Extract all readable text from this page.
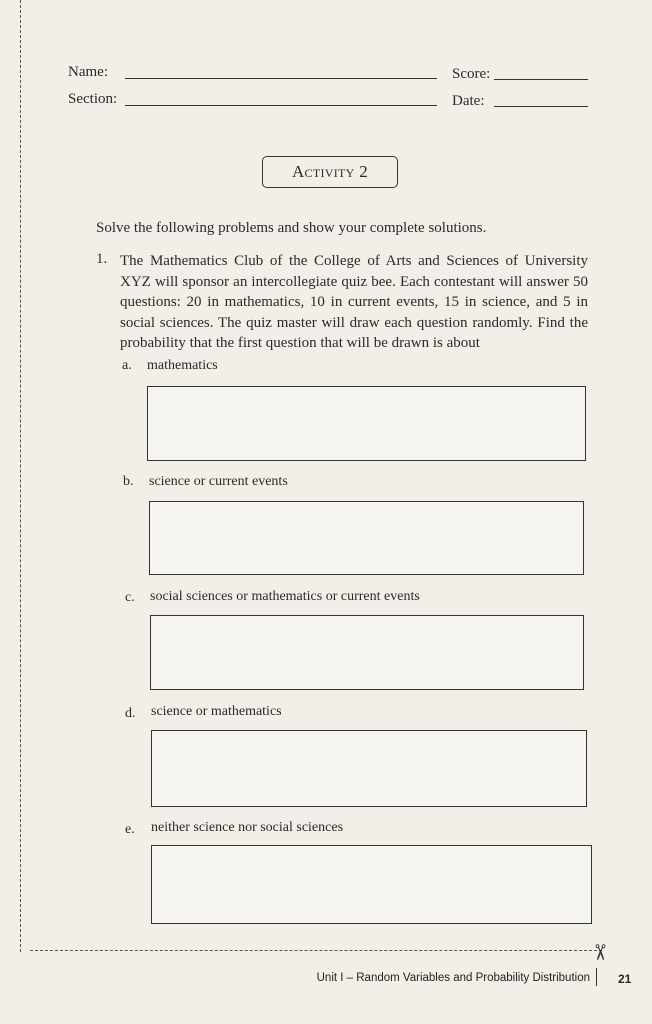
✂
Name:	Score:
Section:	Date:
Activity 2
Solve the following problems and show your complete solutions.
1. The Mathematics Club of the College of Arts and Sciences of University XYZ will sponsor an intercollegiate quiz bee. Each contestant will answer 50 questions: 20 in mathematics, 10 in current events, 15 in science, and 5 in social sciences. The quiz master will draw each question randomly. Find the probability that the first question that will be drawn is about
a. mathematics
b. science or current events
c. social sciences or mathematics or current events
d. science or mathematics
e. neither science nor social sciences
Unit I – Random Variables and Probability Distribution 21
